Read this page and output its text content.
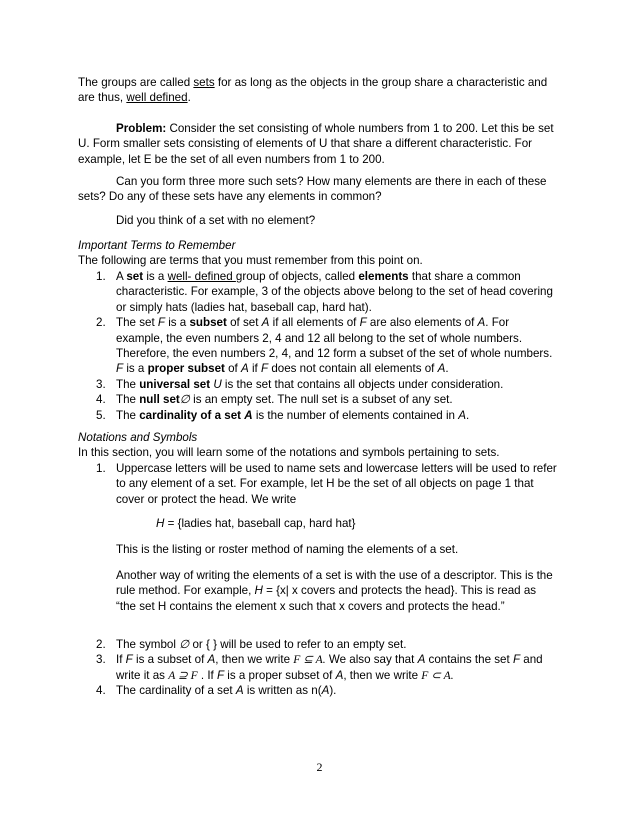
The groups are called sets for as long as the objects in the group share a characteristic and are thus, well defined.
Problem: Consider the set consisting of whole numbers from 1 to 200. Let this be set U. Form smaller sets consisting of elements of U that share a different characteristic. For example, let E be the set of all even numbers from 1 to 200.
Can you form three more such sets? How many elements are there in each of these sets? Do any of these sets have any elements in common?
Did you think of a set with no element?
Important Terms to Remember
The following are terms that you must remember from this point on.
1. A set is a well- defined group of objects, called elements that share a common characteristic. For example, 3 of the objects above belong to the set of head covering or simply hats (ladies hat, baseball cap, hard hat).
2. The set F is a subset of set A if all elements of F are also elements of A. For example, the even numbers 2, 4 and 12 all belong to the set of whole numbers. Therefore, the even numbers 2, 4, and 12 form a subset of the set of whole numbers. F is a proper subset of A if F does not contain all elements of A.
3. The universal set U is the set that contains all objects under consideration.
4. The null set∅ is an empty set. The null set is a subset of any set.
5. The cardinality of a set A is the number of elements contained in A.
Notations and Symbols
In this section, you will learn some of the notations and symbols pertaining to sets.
1. Uppercase letters will be used to name sets and lowercase letters will be used to refer to any element of a set. For example, let H be the set of all objects on page 1 that cover or protect the head. We write
H = {ladies hat, baseball cap, hard hat}
This is the listing or roster method of naming the elements of a set.
Another way of writing the elements of a set is with the use of a descriptor. This is the rule method. For example, H = {x| x covers and protects the head}. This is read as “the set H contains the element x such that x covers and protects the head.”
2. The symbol ∅ or { } will be used to refer to an empty set.
3. If F is a subset of A, then we write F ⊆ A. We also say that A contains the set F and write it as A ⊇ F . If F is a proper subset of A, then we write F ⊂ A.
4. The cardinality of a set A is written as n(A).
2
